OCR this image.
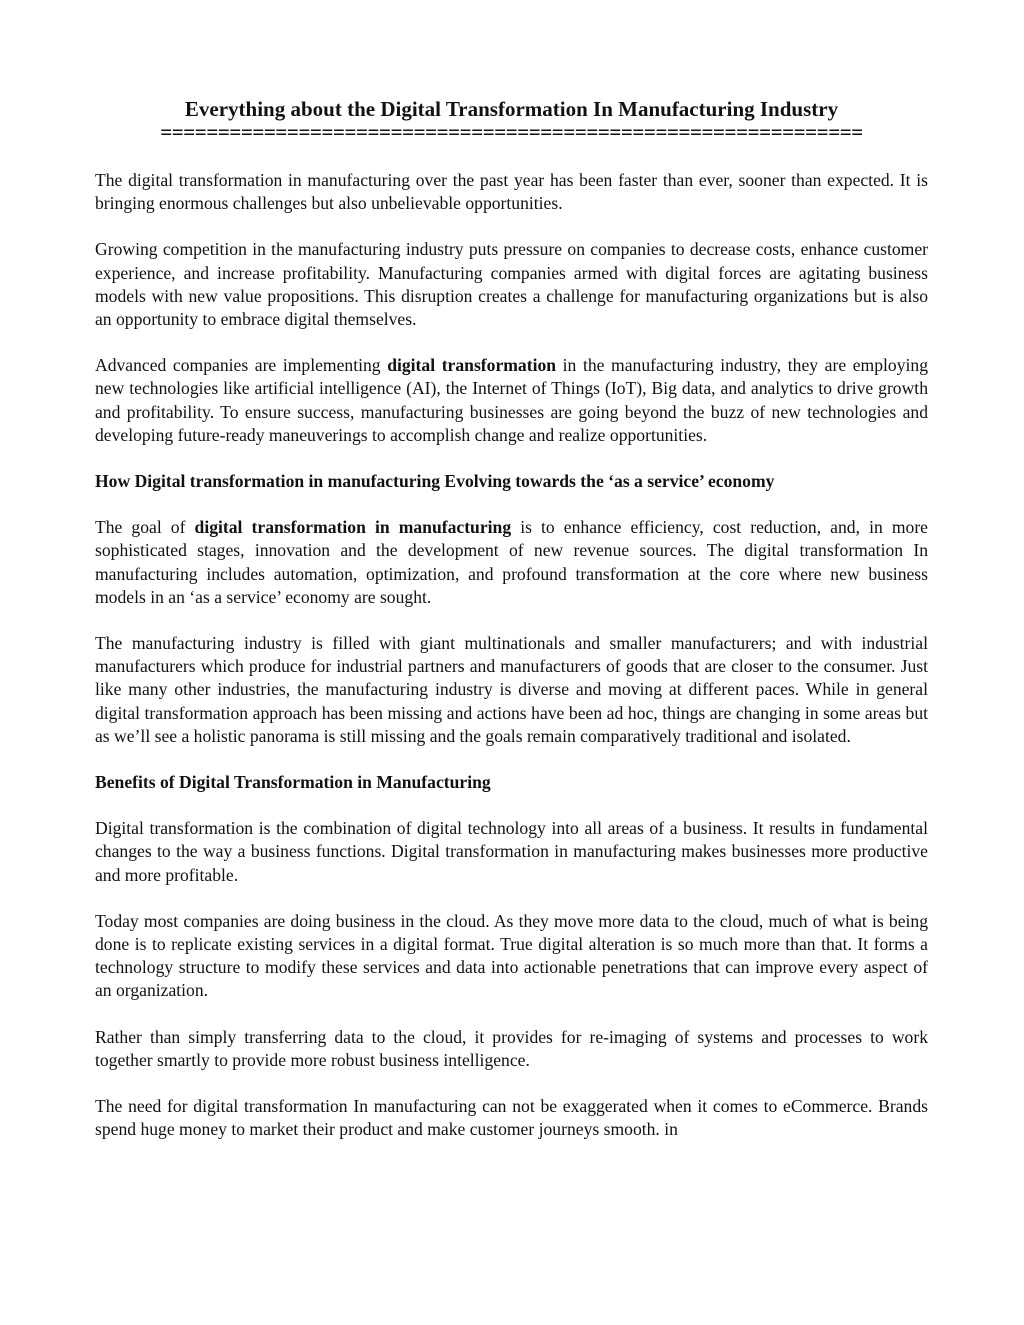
Everything about the Digital Transformation In Manufacturing Industry
=============================================================

The digital transformation in manufacturing over the past year has been faster than ever, sooner than expected. It is bringing enormous challenges but also unbelievable opportunities.

Growing competition in the manufacturing industry puts pressure on companies to decrease costs, enhance customer experience, and increase profitability. Manufacturing companies armed with digital forces are agitating business models with new value propositions. This disruption creates a challenge for manufacturing organizations but is also an opportunity to embrace digital themselves.

Advanced companies are implementing digital transformation in the manufacturing industry, they are employing new technologies like artificial intelligence (AI), the Internet of Things (IoT), Big data, and analytics to drive growth and profitability. To ensure success, manufacturing businesses are going beyond the buzz of new technologies and developing future-ready maneuverings to accomplish change and realize opportunities.

How Digital transformation in manufacturing Evolving towards the ‘as a service’ economy

The goal of digital transformation in manufacturing is to enhance efficiency, cost reduction, and, in more sophisticated stages, innovation and the development of new revenue sources. The digital transformation In manufacturing includes automation, optimization, and profound transformation at the core where new business models in an ‘as a service’ economy are sought.

The manufacturing industry is filled with giant multinationals and smaller manufacturers; and with industrial manufacturers which produce for industrial partners and manufacturers of goods that are closer to the consumer. Just like many other industries, the manufacturing industry is diverse and moving at different paces. While in general digital transformation approach has been missing and actions have been ad hoc, things are changing in some areas but as we’ll see a holistic panorama is still missing and the goals remain comparatively traditional and isolated.

Benefits of Digital Transformation in Manufacturing

Digital transformation is the combination of digital technology into all areas of a business. It results in fundamental changes to the way a business functions. Digital transformation in manufacturing makes businesses more productive and more profitable.

Today most companies are doing business in the cloud. As they move more data to the cloud, much of what is being done is to replicate existing services in a digital format. True digital alteration is so much more than that. It forms a technology structure to modify these services and data into actionable penetrations that can improve every aspect of an organization.

Rather than simply transferring data to the cloud, it provides for re-imaging of systems and processes to work together smartly to provide more robust business intelligence.

The need for digital transformation In manufacturing can not be exaggerated when it comes to eCommerce. Brands spend huge money to market their product and make customer journeys smooth. in
